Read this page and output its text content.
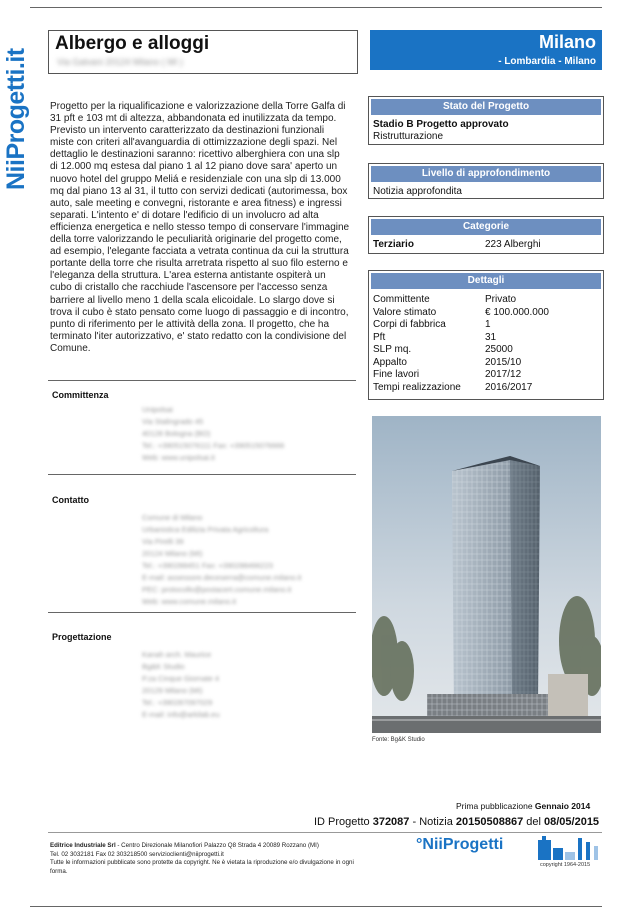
NiiProgetti.it
Albergo e alloggi
Via Galvani 20124 Milano ( MI )
Milano
- Lombardia - Milano
Progetto per la riqualificazione e valorizzazione della Torre Galfa di 31 pft e 103 mt di altezza, abbandonata ed inutilizzata da tempo. Previsto un intervento caratterizzato da destinazioni funzionali miste con criteri all'avanguardia di ottimizzazione degli spazi. Nel dettaglio le destinazioni saranno: ricettivo alberghiera con una slp di 12.000 mq estesa dal piano 1 al 12 piano dove sara' aperto un nuovo hotel del gruppo Meliá e residenziale con una slp di 13.000 mq dal piano 13 al 31, il tutto con servizi dedicati (autorimessa, box auto, sale meeting e convegni, ristorante e area fitness) e ingressi separati. L'intento e' di dotare l'edificio di un involucro ad alta efficienza energetica e nello stesso tempo di conservare l'immagine della torre valorizzando le peculiarità originarie del progetto come, ad esempio, l'elegante facciata a vetrata continua da cui la struttura portante della torre che risulta arretrata rispetto al suo filo esterno e l'eleganza della struttura. L'area esterna antistante ospiterà un cubo di cristallo che racchiude l'ascensore per l'accesso senza barriere al livello meno 1 della scala elicoidale. Lo slargo dove si trova il cubo è stato pensato come luogo di passaggio e di incontro, punto di riferimento per le attività della zona. Il progetto, che ha terminato l'iter autorizzativo, e' stato redatto con la condivisione del Comune.
Stato del Progetto
Stadio B Progetto approvato
Ristrutturazione
Livello di approfondimento
Notizia approfondita
Categorie
Terziario	223 Alberghi
Dettagli
Committente	Privato
Valore stimato	€ 100.000.000
Corpi di fabbrica	1
Pft	31
SLP mq.	25000
Appalto	2015/10
Fine lavori	2017/12
Tempi realizzazione	2016/2017
Committenza
Unipolsai
Via Stalingrado 45
40128 Bologna (BO)
Tel.: +390515076111 Fax: +390515076666
Web: www.unipolsai.it
Contatto
Comune di Milano
Urbanistica Edilizia Privata Agricoltura
Via Pirelli 39
20124 Milano (MI)
Tel.: +390288451 Fax: +390288466223
E-mail: assessore.deceserra@comune.milano.it
PEC: protocollo@postacert.comune.milano.it
Web: www.comune.milano.it
Progettazione
Kanah arch. Maurice
Bg&K Studio
P.za Cinque Giornate 4
20129 Milano (MI)
Tel.: +390287097029
E-mail: info@arkilab.eu
Fonte: Bg&K Studio
Prima pubblicazione Gennaio 2014
ID Progetto 372087 - Notizia 20150508867 del 08/05/2015
Editrice Industriale Srl - Centro Direzionale Milanofiori Palazzo Q8 Strada 4 20089 Rozzano (MI)
Tel. 02 3032181 Fax 02 303218500 servizioclienti@niiprogetti.it
Tutte le informazioni pubblicate sono protette da copyright. Ne è vietata la riproduzione e/o divulgazione in ogni forma.
°NiiProgetti
copyright 1964-2015
